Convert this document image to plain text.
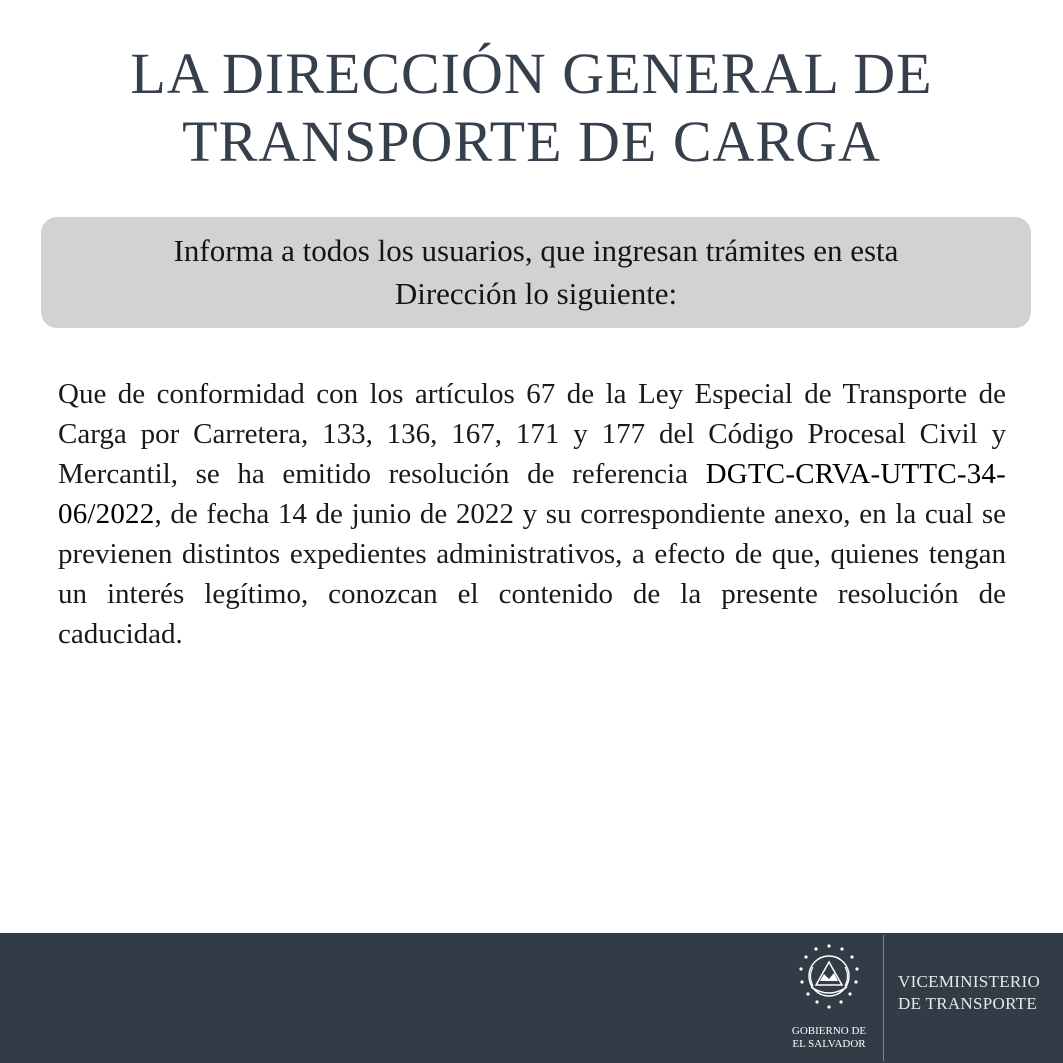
LA DIRECCIÓN GENERAL DE
TRANSPORTE DE CARGA
Informa a todos los usuarios, que ingresan trámites en esta
Dirección lo siguiente:
Que de conformidad con los artículos 67 de la Ley Especial de Transporte de Carga por Carretera, 133, 136, 167, 171 y 177 del Código Procesal Civil y Mercantil, se ha emitido resolución de referencia DGTC-CRVA-UTTC-34-06/2022, de fecha 14 de junio de 2022 y su correspondiente anexo, en la cual se previenen distintos expedientes administrativos, a efecto de que, quienes tengan un interés legítimo, conozcan el contenido de la presente resolución de caducidad.
GOBIERNO DE
EL SALVADOR
VICEMINISTERIO
DE TRANSPORTE
